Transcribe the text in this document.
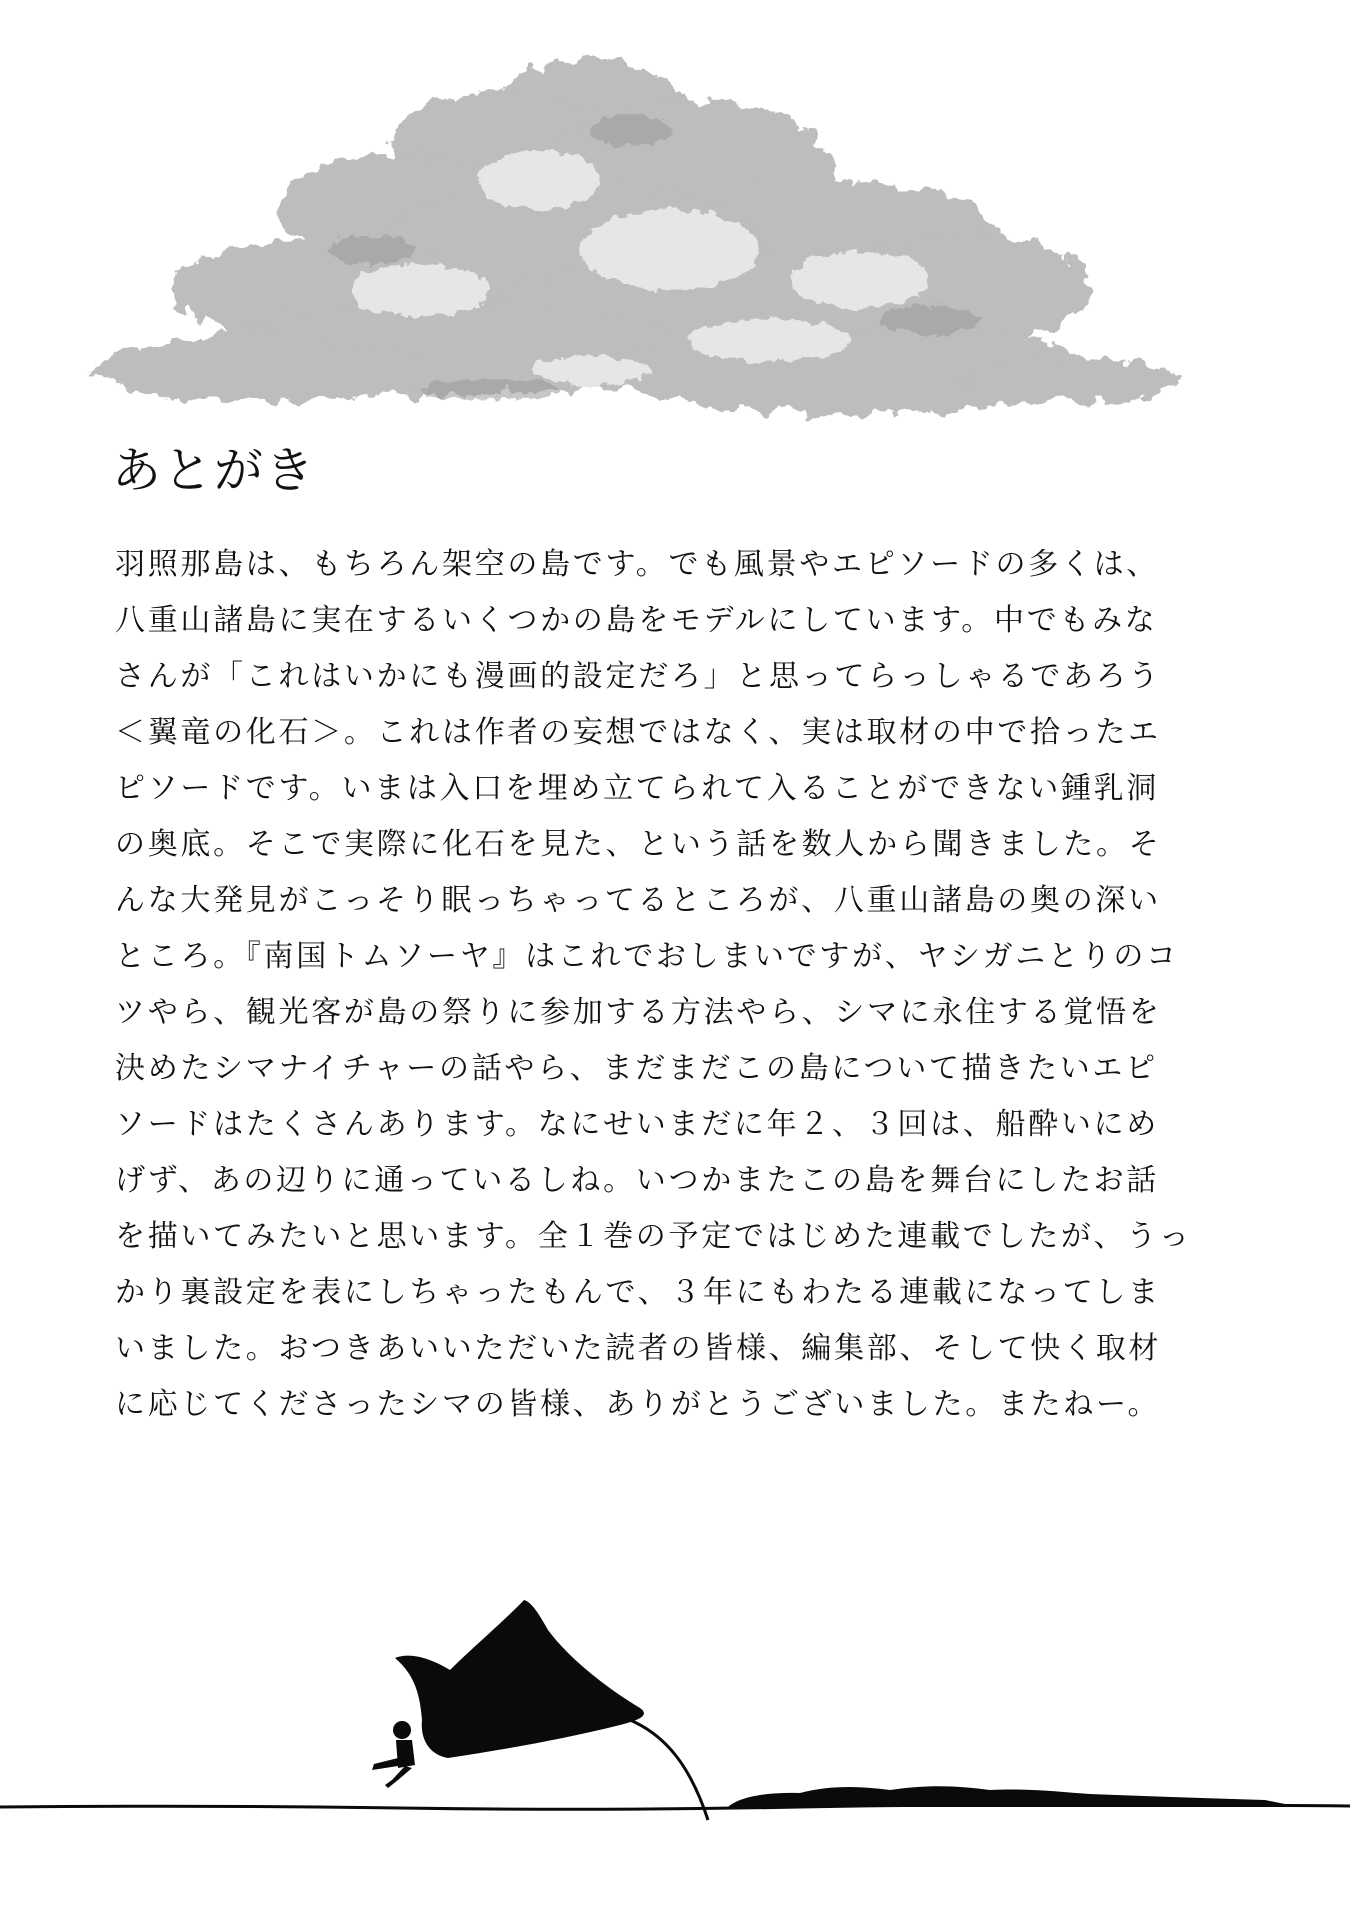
あとがき
羽照那島は、もちろん架空の島です。でも風景やエピソードの多くは、
八重山諸島に実在するいくつかの島をモデルにしています。中でもみな
さんが「これはいかにも漫画的設定だろ」と思ってらっしゃるであろう
＜翼竜の化石＞。これは作者の妄想ではなく、実は取材の中で拾ったエ
ピソードです。いまは入口を埋め立てられて入ることができない鍾乳洞
の奥底。そこで実際に化石を見た、という話を数人から聞きました。そ
んな大発見がこっそり眠っちゃってるところが、八重山諸島の奥の深い
ところ。『南国トムソーヤ』はこれでおしまいですが、ヤシガニとりのコ
ツやら、観光客が島の祭りに参加する方法やら、シマに永住する覚悟を
決めたシマナイチャーの話やら、まだまだこの島について描きたいエピ
ソードはたくさんあります。なにせいまだに年２、３回は、船酔いにめ
げず、あの辺りに通っているしね。いつかまたこの島を舞台にしたお話
を描いてみたいと思います。全１巻の予定ではじめた連載でしたが、うっ
かり裏設定を表にしちゃったもんで、３年にもわたる連載になってしま
いました。おつきあいいただいた読者の皆様、編集部、そして快く取材
に応じてくださったシマの皆様、ありがとうございました。またねー。
